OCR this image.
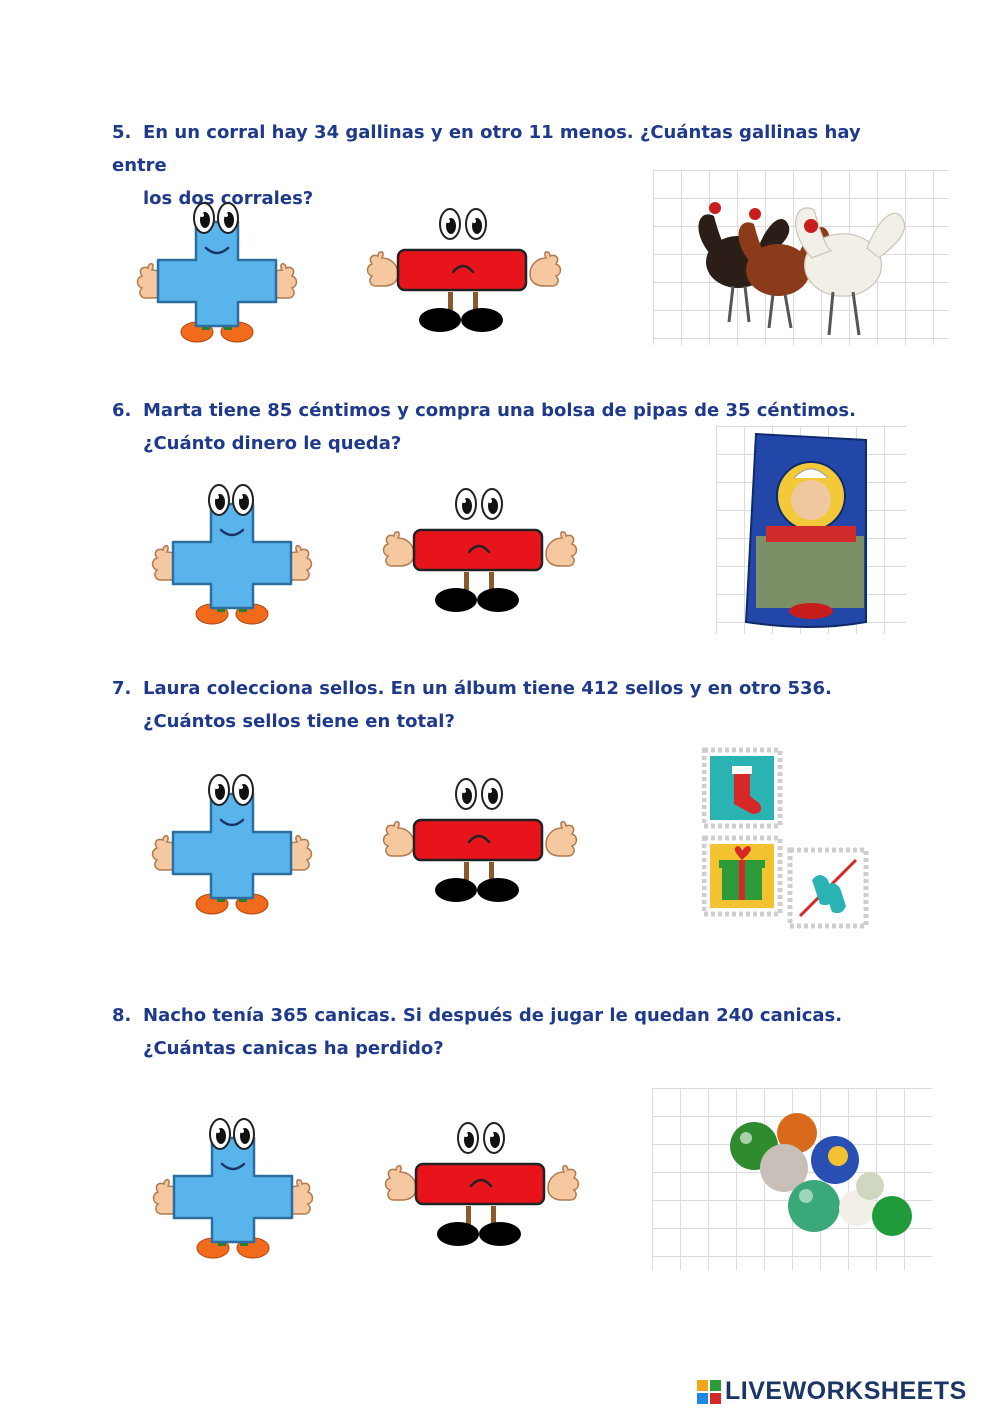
5. En un corral hay 34 gallinas y en otro 11 menos. ¿Cuántas gallinas hay entre
los dos corrales?
6. Marta tiene 85 céntimos y compra una bolsa de pipas de 35 céntimos.
¿Cuánto dinero le queda?
7. Laura colecciona sellos. En un álbum tiene 412 sellos y en otro 536.
¿Cuántos sellos tiene en total?
8. Nacho tenía 365 canicas. Si después de jugar le quedan 240 canicas.
¿Cuántas canicas ha perdido?
LIVEWORKSHEETS
